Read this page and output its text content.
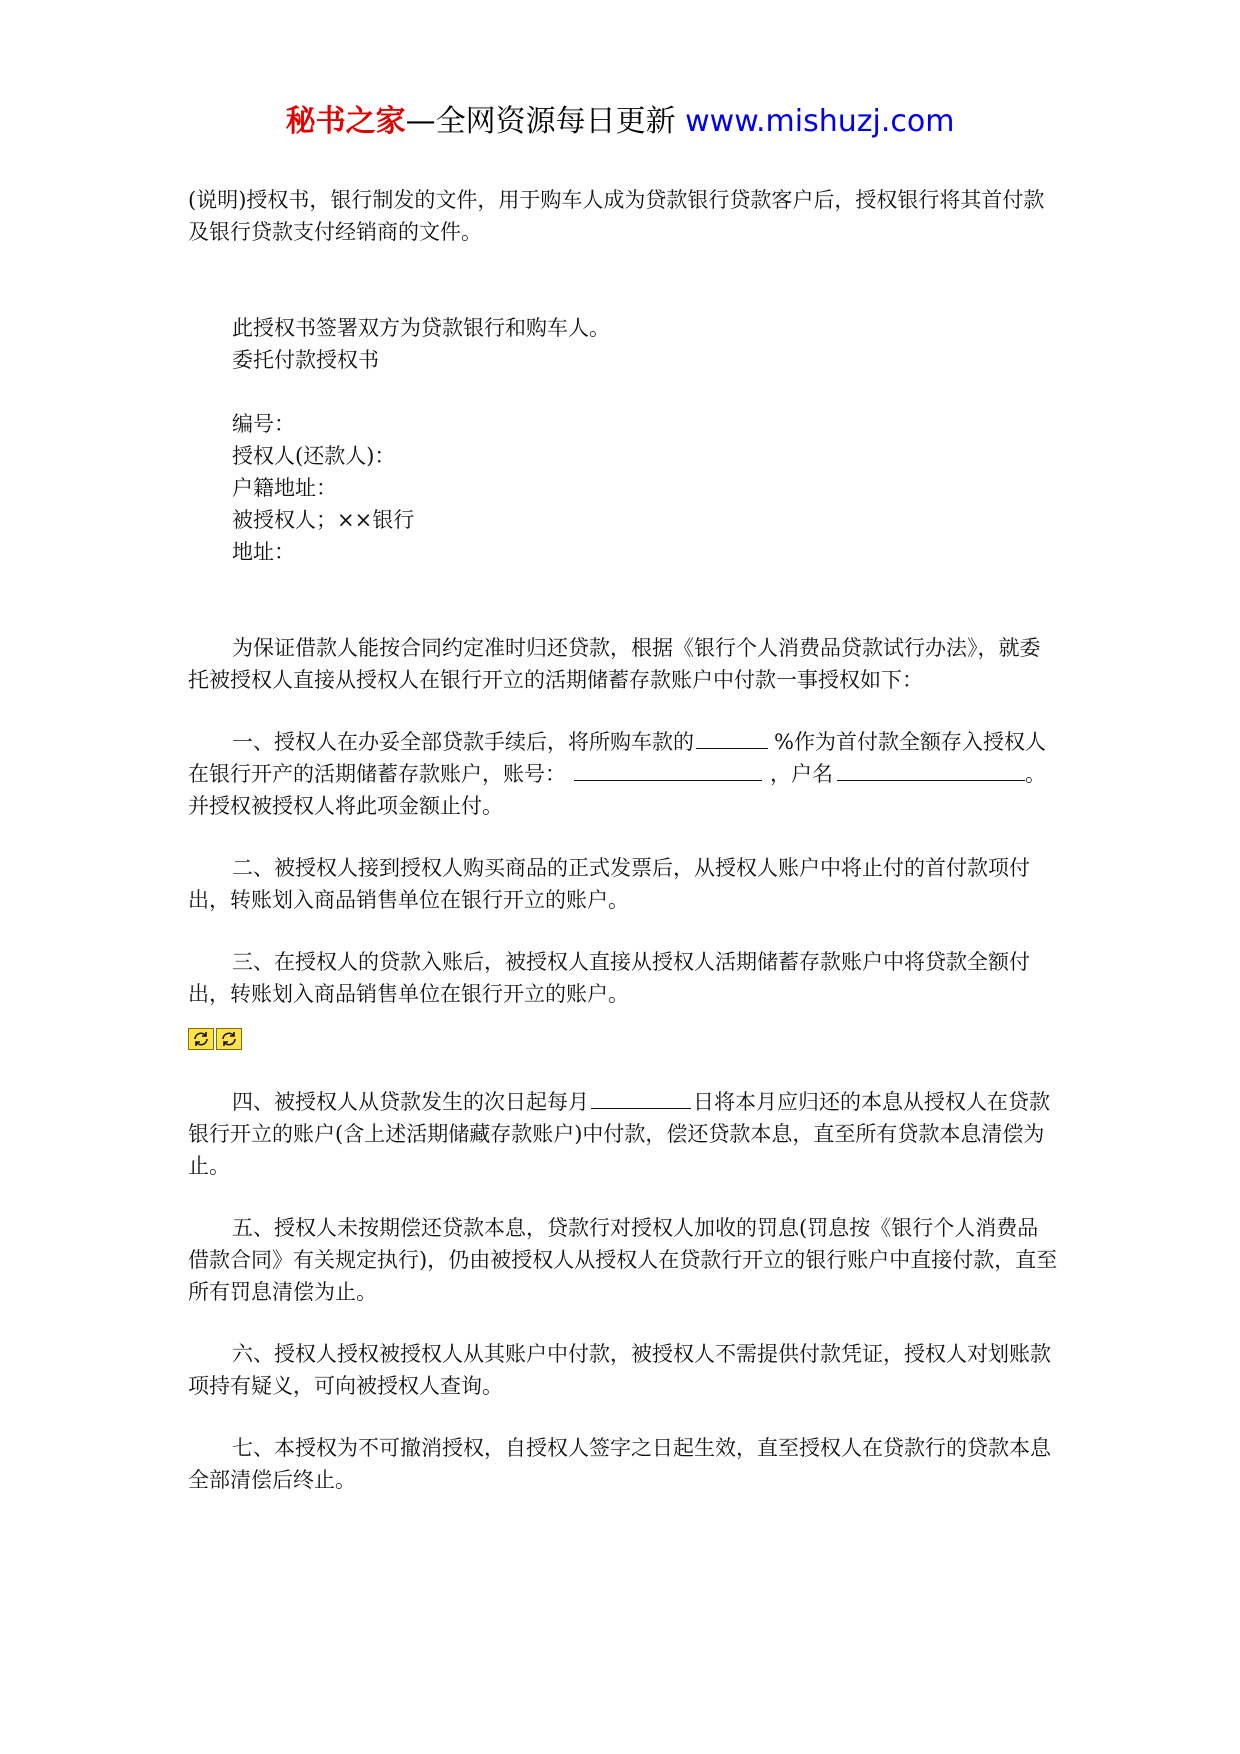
秘书之家—全网资源每日更新 www.mishuzj.com

(说明)授权书，银行制发的文件，用于购车人成为贷款银行贷款客户后，授权银行将其首付款及银行贷款支付经销商的文件。

此授权书签署双方为贷款银行和购车人。

委托付款授权书

编号：

授权人(还款人)：

户籍地址：

被授权人；××银行

地址：

为保证借款人能按合同约定准时归还贷款，根据《银行个人消费品贷款试行办法》，就委托被授权人直接从授权人在银行开立的活期储蓄存款账户中付款一事授权如下：

一、授权人在办妥全部贷款手续后，将所购车款的	%作为首付款全额存入授权人在银行开产的活期储蓄存款账户，账号：	，户名	。并授权被授权人将此项金额止付。

二、被授权人接到授权人购买商品的正式发票后，从授权人账户中将止付的首付款项付出，转账划入商品销售单位在银行开立的账户。

三、在授权人的贷款入账后，被授权人直接从授权人活期储蓄存款账户中将贷款全额付出，转账划入商品销售单位在银行开立的账户。

四、被授权人从贷款发生的次日起每月	日将本月应归还的本息从授权人在贷款银行开立的账户(含上述活期储藏存款账户)中付款，偿还贷款本息，直至所有贷款本息清偿为止。

五、授权人未按期偿还贷款本息，贷款行对授权人加收的罚息(罚息按《银行个人消费品借款合同》有关规定执行)，仍由被授权人从授权人在贷款行开立的银行账户中直接付款，直至所有罚息清偿为止。

六、授权人授权被授权人从其账户中付款，被授权人不需提供付款凭证，授权人对划账款项持有疑义，可向被授权人查询。

七、本授权为不可撤消授权，自授权人签字之日起生效，直至授权人在贷款行的贷款本息全部清偿后终止。
